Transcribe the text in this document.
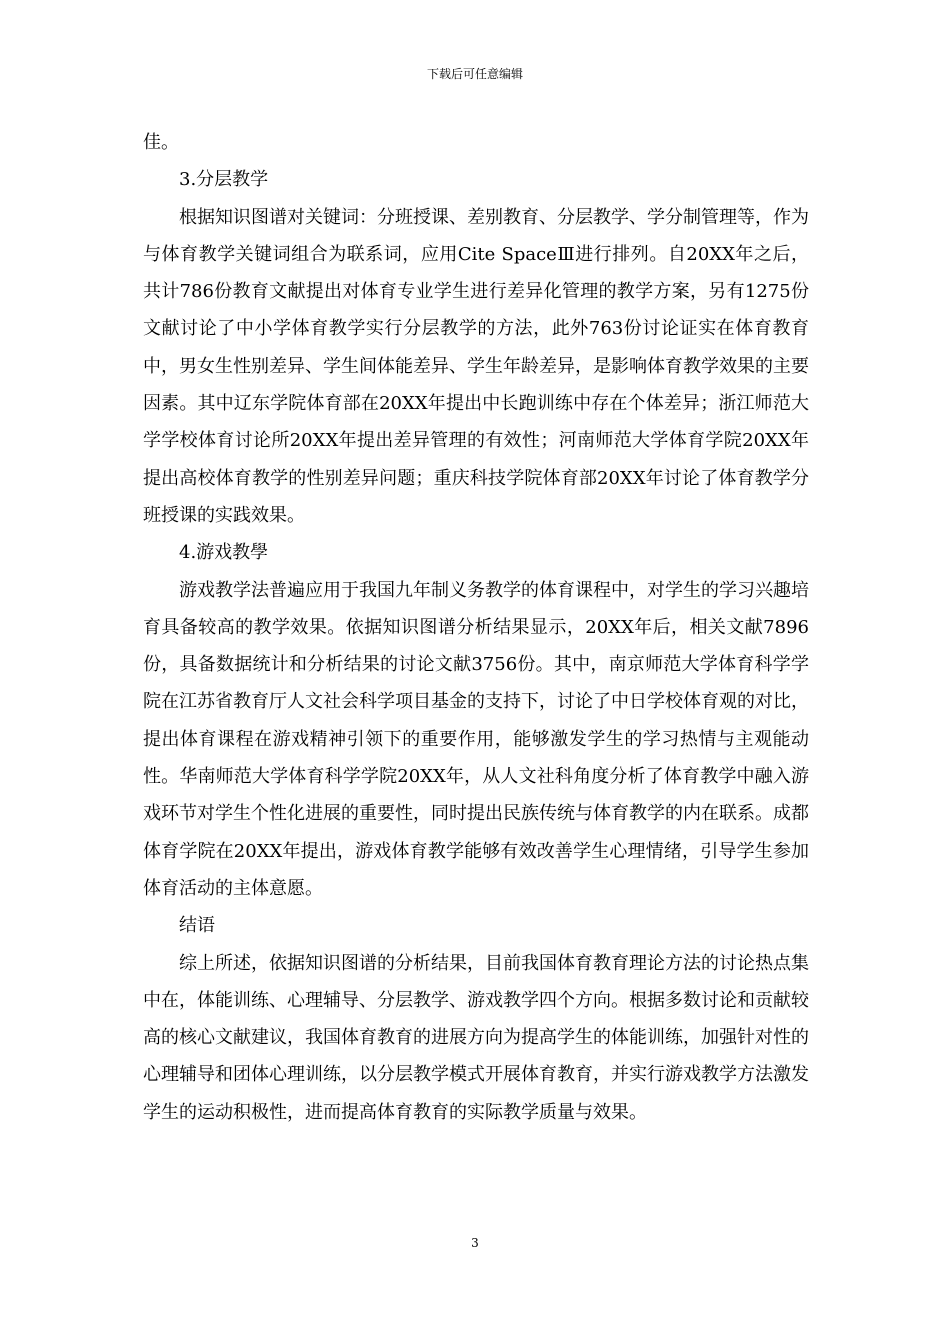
下载后可任意编辑

佳。

3.分层教学

根据知识图谱对关键词：分班授课、差别教育、分层教学、学分制管理等，作为与体育教学关键词组合为联系词，应用Cite SpaceⅢ进行排列。自20XX年之后，共计786份教育文献提出对体育专业学生进行差异化管理的教学方案，另有1275份文献讨论了中小学体育教学实行分层教学的方法，此外763份讨论证实在体育教育中，男女生性别差异、学生间体能差异、学生年龄差异，是影响体育教学效果的主要因素。其中辽东学院体育部在20XX年提出中长跑训练中存在个体差异；浙江师范大学学校体育讨论所20XX年提出差异管理的有效性；河南师范大学体育学院20XX年提出高校体育教学的性别差异问题；重庆科技学院体育部20XX年讨论了体育教学分班授课的实践效果。

4.游戏教學

游戏教学法普遍应用于我国九年制义务教学的体育课程中，对学生的学习兴趣培育具备较高的教学效果。依据知识图谱分析结果显示，20XX年后，相关文献7896份，具备数据统计和分析结果的讨论文献3756份。其中，南京师范大学体育科学学院在江苏省教育厅人文社会科学项目基金的支持下，讨论了中日学校体育观的对比，提出体育课程在游戏精神引领下的重要作用，能够激发学生的学习热情与主观能动性。华南师范大学体育科学学院20XX年，从人文社科角度分析了体育教学中融入游戏环节对学生个性化进展的重要性，同时提出民族传统与体育教学的内在联系。成都体育学院在20XX年提出，游戏体育教学能够有效改善学生心理情绪，引导学生参加体育活动的主体意愿。

结语

综上所述，依据知识图谱的分析结果，目前我国体育教育理论方法的讨论热点集中在，体能训练、心理辅导、分层教学、游戏教学四个方向。根据多数讨论和贡献较高的核心文献建议，我国体育教育的进展方向为提高学生的体能训练，加强针对性的心理辅导和团体心理训练，以分层教学模式开展体育教育，并实行游戏教学方法激发学生的运动积极性，进而提高体育教育的实际教学质量与效果。

3
